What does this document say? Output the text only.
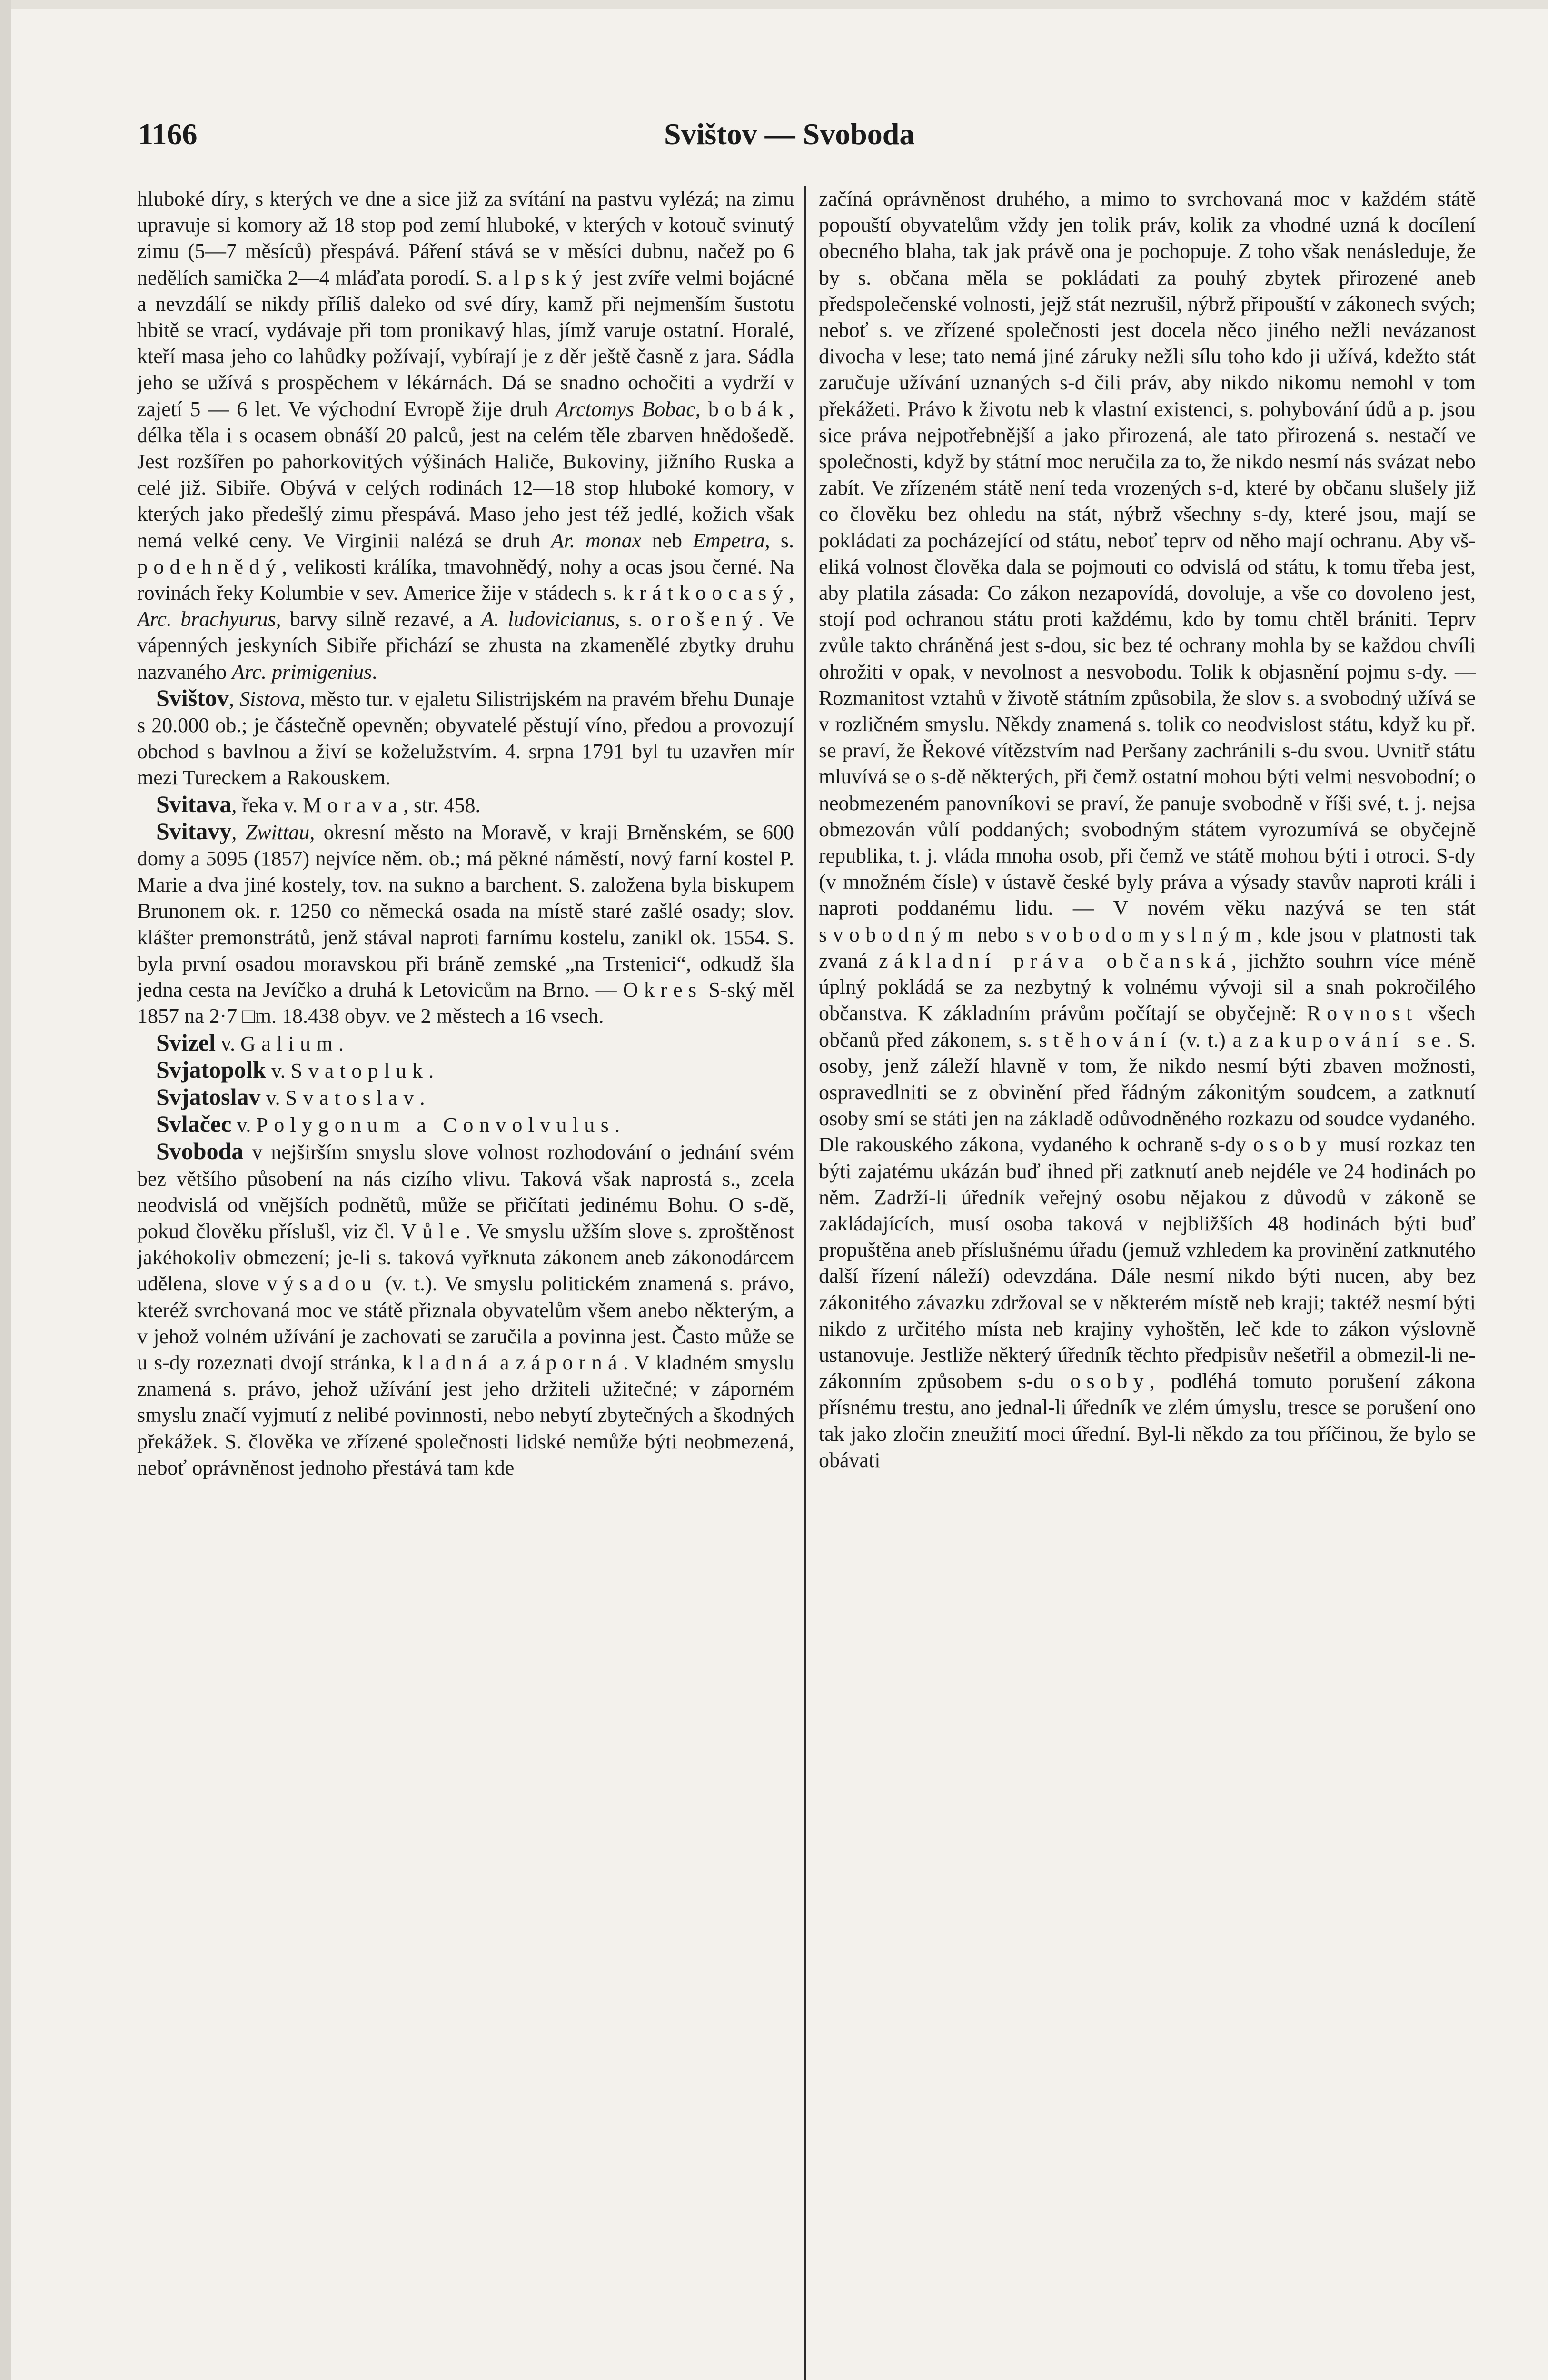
1166	Svištov — Svoboda

hluboké díry, s kterých ve dne a sice již za svítání na pastvu vylézá; na zimu upravuje si komory až 18 stop pod zemí hluboké, v kterých v kotouč svinutý zimu (5—7 měsíců) přespává. Páření stává se v měsíci dubnu, načež po 6 nedělích samička 2—4 mláďata porodí. S. alpský jest zvíře velmi bojácné a nevzdálí se nikdy příliš daleko od své díry, kamž při nejmenším šustotu hbitě se vrací, vydávaje při tom pronikavý hlas, jímž varuje ostatní. Horalé, kteří masa jeho co lahůdky požívají, vybírají je z děr ještě časně z jara. Sádla jeho se užívá s prospěchem v lékárnách. Dá se snadno ochočiti a vydrží v zajetí 5 — 6 let. Ve východní Evropě žije druh Arctomys Bobac, bobák, délka těla i s ocasem obnáší 20 palců, jest na celém těle zbarven hnědošedě. Jest rozšířen po pahorkovitých výšinách Haliče, Bukoviny, jižního Ruska a celé již. Sibiře. Obývá v celých rodinách 12—18 stop hluboké komory, v kterých jako předešlý zimu přespává. Maso jeho jest též jedlé, kožich však nemá velké ceny. Ve Virginii nalézá se druh Ar. monax neb Empetra, s. podehnědý, velikosti králíka, tmavohnědý, nohy a ocas jsou černé. Na rovinách řeky Kolumbie v sev. Americe žije v stádech s. krátkoocasý, Arc. brachyurus, barvy silně rezavé, a A. ludovicianus, s. orošený. Ve vápenných jeskyních Sibiře přichází se zhusta na zkamenělé zbytky druhu nazvaného Arc. primigenius.

Svištov, Sistova, město tur. v ejaletu Silistrijském na pravém břehu Dunaje s 20.000 ob.; je částečně opevněn; obyvatelé pěstují víno, předou a provozují obchod s bavlnou a živí se koželužstvím. 4. srpna 1791 byl tu uzavřen mír mezi Tureckem a Rakouskem.

Svitava, řeka v. Morava, str. 458.

Svitavy, Zwittau, okresní město na Moravě, v kraji Brněnském, se 600 domy a 5095 (1857) nejvíce něm. ob.; má pěkné náměstí, nový farní kostel P. Marie a dva jiné kostely, tov. na sukno a barchent. S. založena byla biskupem Brunonem ok. r. 1250 co německá osada na místě staré zašlé osady; slov. klášter premonstrátů, jenž stával naproti farnímu kostelu, zanikl ok. 1554. S. byla první osadou moravskou při bráně zemské „na Trstenici“, odkudž šla jedna cesta na Jevíčko a druhá k Letovicům na Brno. — Okres S-ský měl 1857 na 2·7 □m. 18.438 obyv. ve 2 městech a 16 vsech.

Svizel v. Galium.

Svjatopolk v. Svatopluk.

Svjatoslav v. Svatoslav.

Svlačec v. Polygonum a Convolvulus.

Svoboda v nejširším smyslu slove volnost rozhodování o jednání svém bez většího působení na nás cizího vlivu. Taková však naprostá s., zcela neodvislá od vnějších podnětů, může se přičítati jedinému Bohu. O s-dě, pokud člověku příslušl, viz čl. Vůle. Ve smyslu užším slove s. zproštěnost jakéhokoliv obmezení; je-li s. taková vyřknuta zákonem aneb zákonodárcem udělena, slove výsadou (v. t.). Ve smyslu politickém znamená s. právo, kteréž svrchovaná moc ve státě přiznala obyvatelům všem anebo některým, a v jehož volném užívání je zachovati se zaručila a povinna jest. Často může se u s-dy rozeznati dvojí stránka, kladná a záporná. V kladném smyslu znamená s. právo, jehož užívání jest jeho držiteli užitečné; v záporném smyslu značí vyjmutí z nelibé povinnosti, nebo nebytí zbytečných a škodných překážek. S. člověka ve zřízené společnosti lidské nemůže býti neobmezená, neboť oprávněnost jednoho přestává tam kde

začíná oprávněnost druhého, a mimo to svrchovaná moc v každém státě popouští obyvatelům vždy jen tolik práv, kolik za vhodné uzná k docílení obecného blaha, tak jak právě ona je pochopuje. Z toho však nenásleduje, že by s. občana měla se pokládati za pouhý zbytek přirozené aneb předspolečenské volnosti, jejž stát nezrušil, nýbrž připouští v zákonech svých; neboť s. ve zřízené společnosti jest docela něco jiného nežli nevázanost divocha v lese; tato nemá jiné záruky nežli sílu toho kdo ji užívá, kdežto stát zaručuje užívání uznaných s-d čili práv, aby nikdo nikomu nemohl v tom překážeti. Právo k životu neb k vlastní existenci, s. pohybování údů a p. jsou sice práva nejpotřebnější a jako přirozená, ale tato přirozená s. nestačí ve společnosti, když by státní moc neručila za to, že nikdo nesmí nás svázat nebo zabít. Ve zřízeném státě není teda vrozených s-d, které by občanu slušely již co člověku bez ohledu na stát, nýbrž všechny s-dy, které jsou, mají se pokládati za pocházející od státu, neboť teprv od něho mají ochranu. Aby všeliká volnost člověka dala se pojmouti co odvislá od státu, k tomu třeba jest, aby platila zásada: Co zákon nezapovídá, dovoluje, a vše co dovoleno jest, stojí pod ochranou státu proti každému, kdo by tomu chtěl brániti. Teprv zvůle takto chráněná jest s-dou, sic bez té ochrany mohla by se každou chvíli ohrožiti v opak, v nevolnost a nesvobodu. Tolik k objasnění pojmu s-dy. — Rozmanitost vztahů v životě státním způsobila, že slov s. a svobodný užívá se v rozličném smyslu. Někdy znamená s. tolik co neodvislost státu, když ku př. se praví, že Řekové vítězstvím nad Peršany zachránili s-du svou. Uvnitř státu mluvívá se o s-dě některých, při čemž ostatní mohou býti velmi nesvobodní; o neobmezeném panovníkovi se praví, že panuje svobodně v říši své, t. j. nejsa obmezován vůlí poddaných; svobodným státem vyrozumívá se obyčejně republika, t. j. vláda mnoha osob, při čemž ve státě mohou býti i otroci. S-dy (v množném čísle) v ústavě české byly práva a výsady stavův naproti králi i naproti poddanému lidu. — V novém věku nazývá se ten stát svobodným nebo svobodomyslným, kde jsou v platnosti tak zvaná základní práva občanská, jichžto souhrn více méně úplný pokládá se za nezbytný k volnému vývoji sil a snah pokročilého občanstva. K základním právům počítají se obyčejně: Rovnost všech občanů před zákonem, s. stěhování (v. t.) a zakupování se. S. osoby, jenž záleží hlavně v tom, že nikdo nesmí býti zbaven možnosti, ospravedlniti se z obvinění před řádným zákonitým soudcem, a zatknutí osoby smí se státi jen na základě odůvodněného rozkazu od soudce vydaného. Dle rakouského zákona, vydaného k ochraně s-dy osoby musí rozkaz ten býti zajatému ukázán buď ihned při zatknutí aneb nejdéle ve 24 hodinách po něm. Zadrží-li úředník veřejný osobu nějakou z důvodů v zákoně se zakládajících, musí osoba taková v nejbližších 48 hodinách býti buď propuštěna aneb příslušnému úřadu (jemuž vzhledem ka provinění zatknutého další řízení náleží) odevzdána. Dále nesmí nikdo býti nucen, aby bez zákonitého závazku zdržoval se v některém místě neb kraji; taktéž nesmí býti nikdo z určitého místa neb krajiny vyhoštěn, leč kde to zákon výslovně ustanovuje. Jestliže některý úředník těchto předpisův nešetřil a obmezil-li nezákonním způsobem s-du osoby, podléhá tomuto porušení zákona přísnému trestu, ano jednal-li úředník ve zlém úmyslu, tresce se porušení ono tak jako zločin zneužití moci úřední. Byl-li někdo za tou příčinou, že bylo se obávati
